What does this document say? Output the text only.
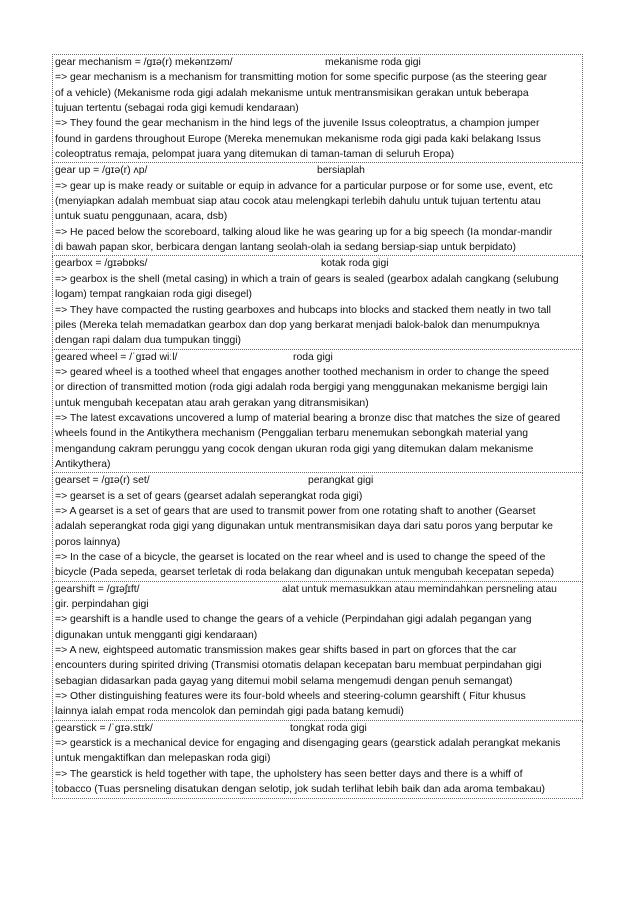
gear mechanism = /ɡɪə(r) mekənɪzəm/	mekanisme roda gigi
=> gear mechanism is a mechanism for transmitting motion for some specific purpose (as the steering gear
of a vehicle) (Mekanisme roda gigi adalah mekanisme untuk mentransmisikan gerakan untuk beberapa
tujuan tertentu (sebagai roda gigi kemudi kendaraan)
=> They found the gear mechanism in the hind legs of the juvenile Issus coleoptratus, a champion jumper
found in gardens throughout Europe (Mereka menemukan mekanisme roda gigi pada kaki belakang Issus
coleoptratus remaja, pelompat juara yang ditemukan di taman-taman di seluruh Eropa)
gear up = /ɡɪə(r) ʌp/	bersiaplah
=> gear up is make ready or suitable or equip in advance for a particular purpose or for some use, event, etc
(menyiapkan adalah membuat siap atau cocok atau melengkapi terlebih dahulu untuk tujuan tertentu atau
untuk suatu penggunaan, acara, dsb)
=> He paced below the scoreboard, talking aloud like he was gearing up for a big speech (Ia mondar-mandir
di bawah papan skor, berbicara dengan lantang seolah-olah ia sedang bersiap-siap untuk berpidato)
gearbox = /ɡɪəbɒks/	kotak roda gigi
=> gearbox is the shell (metal casing) in which a train of gears is sealed (gearbox adalah cangkang (selubung
logam) tempat rangkaian roda gigi disegel)
=> They have compacted the rusting gearboxes and hubcaps into blocks and stacked them neatly in two tall
piles (Mereka telah memadatkan gearbox dan dop yang berkarat menjadi balok-balok dan menumpuknya
dengan rapi dalam dua tumpukan tinggi)
geared wheel = /ˈɡɪəd wiːl/	roda gigi
=> geared wheel is a toothed wheel that engages another toothed mechanism in order to change the speed
or direction of transmitted motion (roda gigi adalah roda bergigi yang menggunakan mekanisme bergigi lain
untuk mengubah kecepatan atau arah gerakan yang ditransmisikan)
=> The latest excavations uncovered a lump of material bearing a bronze disc that matches the size of geared
wheels found in the Antikythera mechanism (Penggalian terbaru menemukan sebongkah material yang
mengandung cakram perunggu yang cocok dengan ukuran roda gigi yang ditemukan dalam mekanisme
Antikythera)
gearset = /ɡɪə(r) set/	perangkat gigi
=> gearset is a set of gears (gearset adalah seperangkat roda gigi)
=> A gearset is a set of gears that are used to transmit power from one rotating shaft to another (Gearset
adalah seperangkat roda gigi yang digunakan untuk mentransmisikan daya dari satu poros yang berputar ke
poros lainnya)
=> In the case of a bicycle, the gearset is located on the rear wheel and is used to change the speed of the
bicycle (Pada sepeda, gearset terletak di roda belakang dan digunakan untuk mengubah kecepatan sepeda)
gearshift = /ɡɪəʃɪft/	alat untuk memasukkan atau memindahkan persneling atau
gir. perpindahan gigi
=> gearshift is a handle used to change the gears of a vehicle (Perpindahan gigi adalah pegangan yang
digunakan untuk mengganti gigi kendaraan)
=> A new, eightspeed automatic transmission makes gear shifts based in part on gforces that the car
encounters during spirited driving (Transmisi otomatis delapan kecepatan baru membuat perpindahan gigi
sebagian didasarkan pada gayag yang ditemui mobil selama mengemudi dengan penuh semangat)
=> Other distinguishing features were its four-bold wheels and steering-column gearshift ( Fitur khusus
lainnya ialah empat roda mencolok dan pemindah gigi pada batang kemudi)
gearstick = /ˈɡɪə.stɪk/	tongkat roda gigi
=> gearstick is a mechanical device for engaging and disengaging gears (gearstick adalah perangkat mekanis
untuk mengaktifkan dan melepaskan roda gigi)
=> The gearstick is held together with tape, the upholstery has seen better days and there is a whiff of
tobacco (Tuas persneling disatukan dengan selotip, jok sudah terlihat lebih baik dan ada aroma tembakau)
